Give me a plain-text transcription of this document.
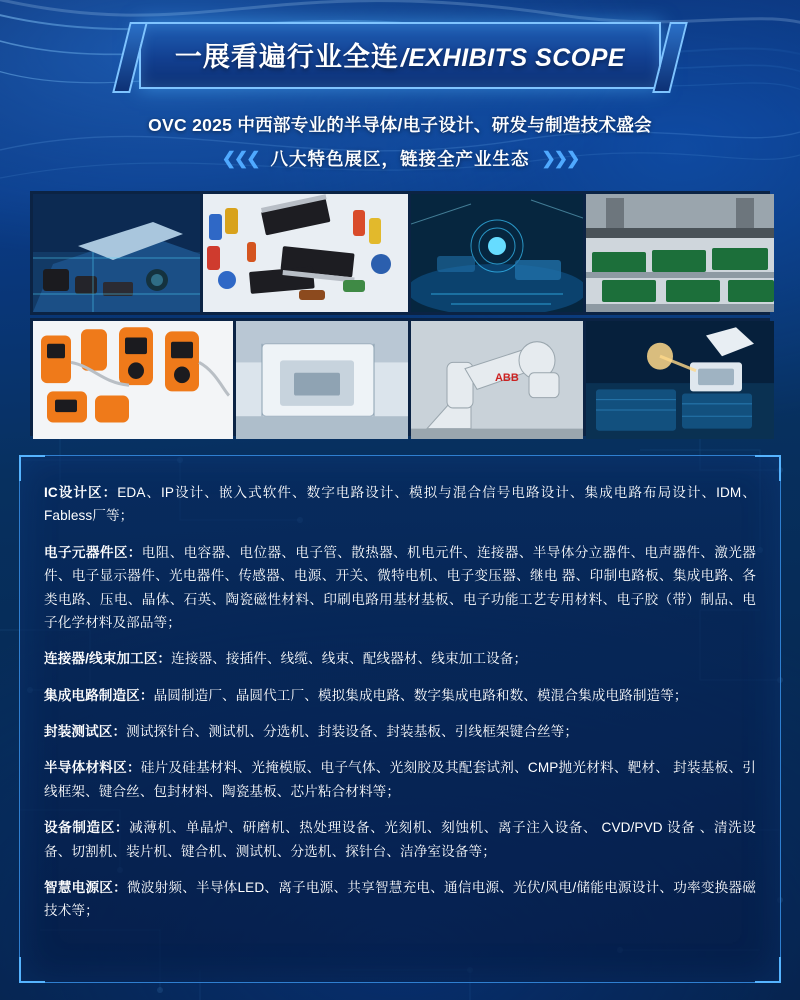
一展看遍行业全连 /EXHIBITS SCOPE
OVC 2025 中西部专业的半导体/电子设计、研发与制造技术盛会
❮❮❮ 八大特色展区，链接全产业生态 ❯❯❯
ABB

IC设计区：EDA、IP设计、嵌入式软件、数字电路设计、模拟与混合信号电路设计、集成电路布局设计、IDM、Fabless厂等；

电子元器件区：电阻、电容器、电位器、电子管、散热器、机电元件、连接器、半导体分立器件、电声器件、激光器件、电子显示器件、光电器件、传感器、电源、开关、微特电机、电子变压器、继电 器、印制电路板、集成电路、各类电路、压电、晶体、石英、陶瓷磁性材料、印刷电路用基材基板、电子功能工艺专用材料、电子胶（带）制品、电子化学材料及部品等；

连接器/线束加工区：连接器、接插件、线缆、线束、配线器材、线束加工设备；

集成电路制造区：晶圆制造厂、晶圆代工厂、模拟集成电路、数字集成电路和数、模混合集成电路制造等；

封装测试区：测试探针台、测试机、分选机、封装设备、封装基板、引线框架键合丝等；

半导体材料区：硅片及硅基材料、光掩模版、电子气体、光刻胶及其配套试剂、CMP抛光材料、靶材、 封装基板、引线框架、键合丝、包封材料、陶瓷基板、芯片粘合材料等；

设备制造区：减薄机、单晶炉、研磨机、热处理设备、光刻机、刻蚀机、离子注入设备、 CVD/PVD 设备 、清洗设备、切割机、装片机、键合机、测试机、分选机、探针台、洁净室设备等；

智慧电源区：微波射频、半导体LED、离子电源、共享智慧充电、通信电源、光伏/风电/储能电源设计、功率变换器磁技术等；
